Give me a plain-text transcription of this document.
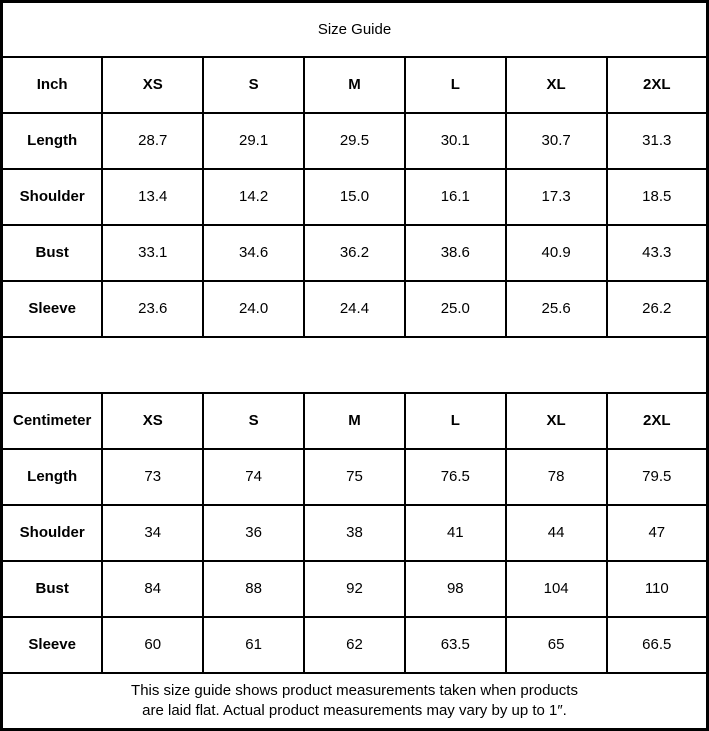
Size Guide						
Inch	XS	S	M	L	XL	2XL
Length	28.7	29.1	29.5	30.1	30.7	31.3
Shoulder	13.4	14.2	15.0	16.1	17.3	18.5
Bust	33.1	34.6	36.2	38.6	40.9	43.3
Sleeve	23.6	24.0	24.4	25.0	25.6	26.2

Centimeter	XS	S	M	L	XL	2XL
Length	73	74	75	76.5	78	79.5
Shoulder	34	36	38	41	44	47
Bust	84	88	92	98	104	110
Sleeve	60	61	62	63.5	65	66.5

This size guide shows product measurements taken when products
are laid flat. Actual product measurements may vary by up to 1″.						
